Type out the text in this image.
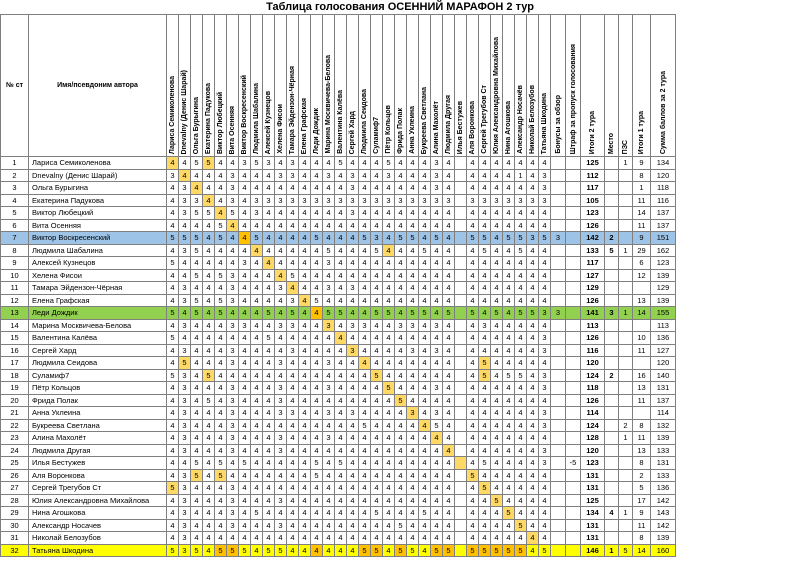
Таблица голосования ОСЕННИЙ МАРАФОН 2 тур
№ ст	Имя/псевдоним автора	Лариса Семиколенова	Dnevalny (Денис Шарай)	Ольга Бурыгина	Екатерина Падукова	Виктор Любецкий	Вита Осенняя	Виктор Воскресенский	Людмила Шабалина	Алексей Кузнецов	Хелена Фисои	Тамара Эйдензон-Чёрная	Елена Графская	Леди Дождик	Марина Москвичева-Белова	Валентина Калёва	Сергей Хард	Людмила Сеидова	Суламиф7	Пётр Кольцов	Фрида Полак	Анна Уклеина	Букреева Светлана	Алина Махолёт	Людмила Другая	Илья Бестужев	Аля Воронкова	Сергей Трегубов Ст	Юлия Александровна Михайлова	Нина Агошкова	Александр Носачёв	Николай Белозубов	Татьяна Шкодина	Бонусы за обзор	Штраф за пропуск голосования	Итоги 2 тура	Место	ПЗС	Итоги 1 тура	Сумма баллов за 2 тура
1	Лариса Семиколенова	4	4	5	5	4	4	3	5	3	4	3	4	4	4	5	4	4	4	5	4	4	4	3	4		4	4	4	4	4	4	4			125		1	9	134
2	Dnevalny (Денис Шарай)	3	4	4	4	4	3	4	4	4	3	3	4	4	3	4	3	4	4	3	4	4	4	3	4		4	4	4	4	1	4	3			112			8	120
3	Ольга Бурыгина	4	3	4	4	4	3	4	4	4	4	4	4	4	4	4	3	4	4	4	4	4	4	3	4		4	4	4	4	4	4	3			117			1	118
4	Екатерина Падукова	4	3	3	4	4	3	4	3	3	3	3	3	3	3	3	3	3	3	3	3	3	3	3	3		3	3	3	3	3	3	3			105			11	116
5	Виктор Любецкий	4	3	5	5	4	5	4	3	4	4	4	4	4	4	4	3	4	4	4	4	4	4	4	4		4	4	4	4	4	4	4			123			14	137
6	Вита Осенняя	4	4	4	4	5	4	4	4	4	4	4	4	4	4	4	4	4	4	4	4	4	4	4	4		4	4	4	4	4	4	4			126			11	137
7	Виктор Воскресенский	5	5	5	4	5	4	4	5	4	4	4	4	5	4	4	4	5	3	4	5	5	4	5	4		5	5	4	5	5	3	5	3		142	2		9	151
8	Людмила Шабалина	4	3	5	4	4	4	4	4	4	4	4	4	4	5	4	4	4	5	4	4	4	5	4	4		4	5	4	4	5	4	4			133	5	1	29	162
9	Алексей Кузнецов	5	4	4	4	4	4	3	4	4	4	4	4	4	3	4	4	4	4	4	4	4	4	4	4		4	4	4	4	4	4	4			117			6	123
10	Хелена Фисои	4	4	5	4	5	3	4	4	4	4	5	4	4	4	4	4	4	4	4	4	4	4	4	4		4	4	4	4	4	4	4			127			12	139
11	Тамара Эйдензон-Чёрная	4	3	4	4	4	3	4	4	4	3	4	4	4	3	4	3	4	4	4	4	4	4	4	4		4	4	4	4	4	4	4			129				129
12	Елена Графская	4	3	5	4	5	3	4	4	4	4	3	4	5	4	4	4	4	4	4	4	4	4	4	4		4	4	4	4	4	4	4			126			13	139
13	Леди Дождик	5	4	5	4	5	4	4	4	5	4	5	4	4	5	5	4	4	5	5	4	5	5	4	5		5	4	5	4	5	5	3	3		141	3	1	14	155
14	Марина Москвичева-Белова	4	3	4	4	4	3	3	4	4	3	3	4	4	3	4	3	3	4	4	3	3	4	3	4		4	3	4	4	4	4	4			113				113
15	Валентина Калёва	5	4	4	4	4	4	4	4	5	4	4	4	4	4	4	4	4	4	4	4	4	4	4	4		4	4	4	4	4	4	3			126			10	136
16	Сергей Хард	4	3	4	4	4	3	4	4	4	4	3	4	4	4	4	3	4	4	4	4	3	4	3	4		4	4	4	4	4	4	3			116			11	127
17	Людмила Сеидова	4	5	4	4	4	3	4	4	4	3	4	4	4	3	4	4	4	4	4	4	4	4	4	4		4	5	4	4	4	4	4			120				120
18	Суламиф7	5	3	4	5	4	4	4	4	4	4	4	4	4	4	4	4	4	5	4	4	4	4	4	4		4	5	4	5	5	4	3			124	2		16	140
19	Пётр Кольцов	4	3	4	4	4	3	4	4	4	3	4	4	4	3	4	4	4	4	5	4	4	4	3	4		4	4	4	4	4	4	3			118			13	131
20	Фрида Полак	4	3	4	5	4	3	4	4	4	3	4	4	4	4	4	4	4	4	4	5	4	4	4	4		4	4	4	4	4	4	4			126			11	137
21	Анна Уклеина	4	3	4	4	4	3	4	4	4	3	3	4	4	3	4	3	4	4	4	4	3	4	3	4		4	4	4	4	4	4	3			114				114
22	Букреева Светлана	4	3	4	4	4	3	4	4	4	4	4	4	4	4	4	4	5	4	4	4	4	4	5	4		4	4	4	4	4	4	3			124		2	8	132
23	Алина Махолёт	4	3	4	4	4	3	4	4	4	3	4	4	4	3	4	4	4	4	4	4	4	4	4	4		4	4	4	4	4	4	4			128		1	11	139
24	Людмила Другая	4	3	4	4	4	3	4	4	4	3	4	4	4	4	4	4	4	4	4	4	4	4	4	4		4	4	4	4	4	4	3			120			13	133
25	Илья Бестужев	4	4	5	4	5	4	5	4	4	4	4	4	5	4	5	4	4	4	4	4	4	4	4	4		4	5	4	4	4	4	3		-5	123			8	131
26	Аля Воронкова	4	3	5	4	5	4	4	4	4	4	4	4	5	4	4	4	4	4	4	4	4	4	4	4		5	4	4	4	4	4	4			131			2	133
27	Сергей Трегубов Ст	5	3	4	4	4	3	4	4	4	4	4	4	4	4	4	4	4	4	4	4	4	4	4	4		4	5	4	4	4	4	4			131			5	136
28	Юлия Александровна Михайлова	4	3	4	4	4	3	4	4	4	3	4	4	4	4	4	4	4	4	4	4	4	4	4	4		4	4	5	4	4	4	4			125			17	142
29	Нина Агошкова	4	3	4	4	4	3	4	5	4	4	4	4	4	4	4	4	4	5	4	4	4	5	4	4		4	4	4	5	4	4	4			134	4	1	9	143
30	Александр Носачев	4	3	4	4	4	3	4	4	4	3	4	4	4	4	4	4	4	4	4	5	4	4	4	4		4	4	4	4	5	4	4			131			11	142
31	Николай Белозубов	4	3	4	4	4	4	4	4	4	4	4	4	4	4	4	4	4	4	4	4	4	4	4	4		4	4	4	4	4	4	4			131			8	139
32	Татьяна Шкодина	5	3	5	4	5	5	5	4	5	5	4	4	4	4	4	4	5	5	4	5	5	4	5	5		5	5	5	5	5	4	5			146	1	5	14	160
